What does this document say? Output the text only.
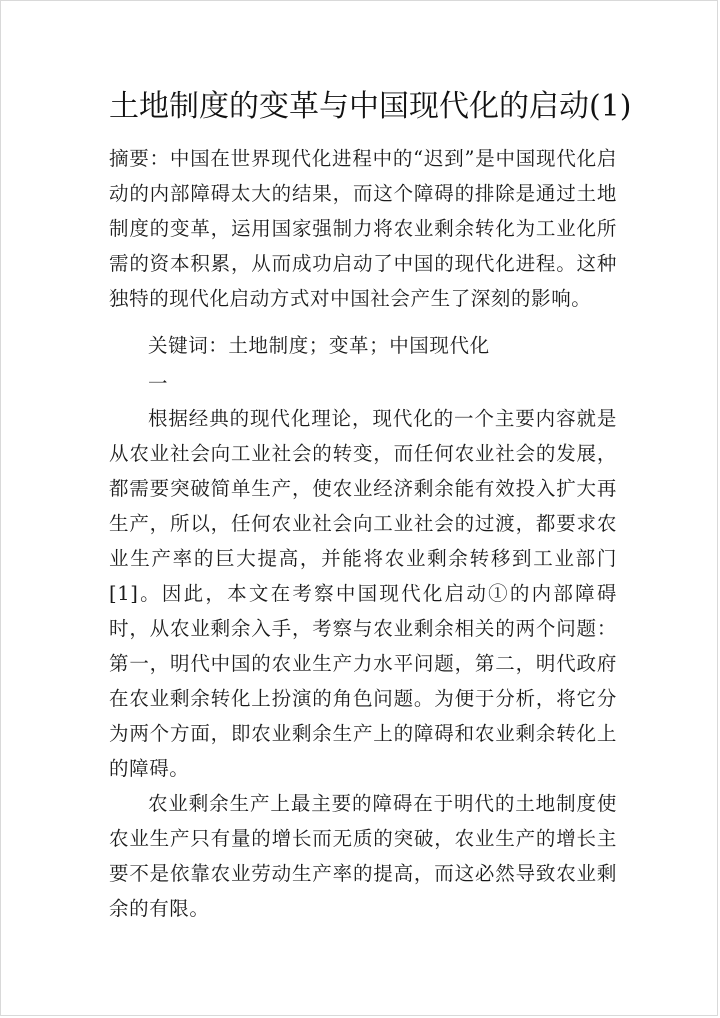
土地制度的变革与中国现代化的启动(1)

摘要：中国在世界现代化进程中的“迟到”是中国现代化启动的内部障碍太大的结果，而这个障碍的排除是通过土地制度的变革，运用国家强制力将农业剩余转化为工业化所需的资本积累，从而成功启动了中国的现代化进程。这种独特的现代化启动方式对中国社会产生了深刻的影响。

关键词：土地制度；变革；中国现代化

一

根据经典的现代化理论，现代化的一个主要内容就是从农业社会向工业社会的转变，而任何农业社会的发展，都需要突破简单生产，使农业经济剩余能有效投入扩大再生产，所以，任何农业社会向工业社会的过渡，都要求农业生产率的巨大提高，并能将农业剩余转移到工业部门[1]。因此，本文在考察中国现代化启动①的内部障碍时，从农业剩余入手，考察与农业剩余相关的两个问题：第一，明代中国的农业生产力水平问题，第二，明代政府在农业剩余转化上扮演的角色问题。为便于分析，将它分为两个方面，即农业剩余生产上的障碍和农业剩余转化上的障碍。

农业剩余生产上最主要的障碍在于明代的土地制度使农业生产只有量的增长而无质的突破，农业生产的增长主要不是依靠农业劳动生产率的提高，而这必然导致农业剩余的有限。
